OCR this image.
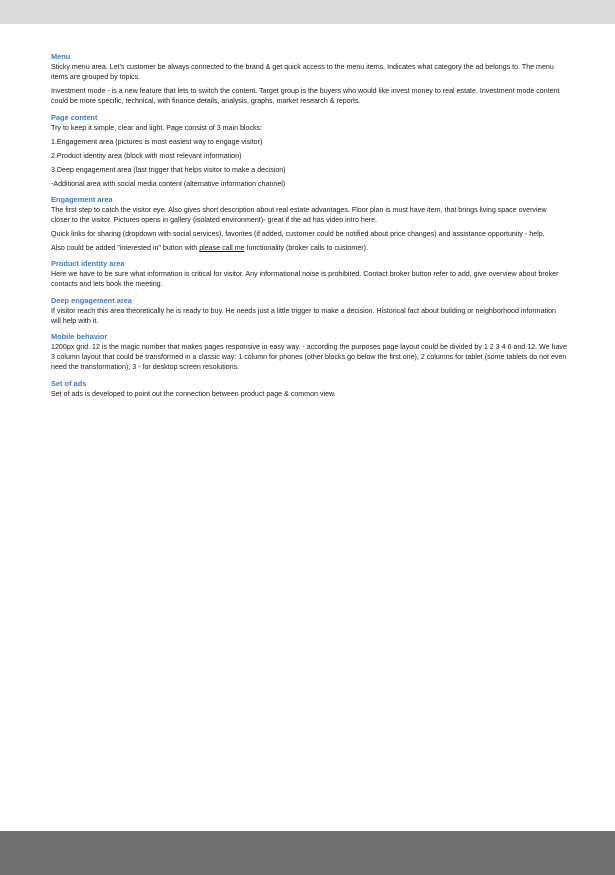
Menu

Sticky menu area. Let's customer be always connected to the brand & get quick access to the menu items. Indicates what category the ad belongs to. The menu items are grouped by topics.

Investment mode - is a new feature that lets to switch the content. Target group is the buyers who would like invest money to real estate. Investment mode content could be more specific, technical, with finance details, analysis, graphs, market research & reports.

Page content

Try to keep it simple, clear and light. Page consist of 3 main blocks:

1.Engagement area (pictures is most easiest way to engage visitor)

2.Product identity area (block with most relevant information)

3.Deep engagement area (last trigger that helps visitor to make a decision)

-Additional area with social media content (alternative information channel)

Engagement area

The first step to catch the visitor eye. Also gives short description about real estate advantages. Floor plan is must have item, that brings living space overview closer to the visitor. Pictures opens in gallery (isolated environment)- great if the ad has video intro here.

Quick links for sharing (dropdown with social services), favorites (if added, customer could be notified about price changes) and assistance opportunity - help.

Also could be added "interested in" button with please call me functionality (broker calls to customer).

Product identity area

Here we have to be sure what information is critical for visitor. Any informational noise is prohibited. Contact broker button refer to add, give overview about broker contacts and lets book the meeting.

Deep engagement area

If visitor reach this area theoretically he is ready to buy. He needs just a little trigger to make a decision. Historical fact about building or neighborhood information will help with it.

Mobile behavior

1200px grid. 12 is the magic number that makes pages responsive in easy way. - according the purposes page layout could be divided by 1 2 3 4 6 and 12. We have 3 column layout that could be transformed in a classic way: 1 column for phones (other blocks go below the first one), 2 columns for tablet (some tablets do not even need the transformation), 3 - for desktop screen resolutions.

Set of ads

Set of ads is developed to point out the connection between product page & common view.
